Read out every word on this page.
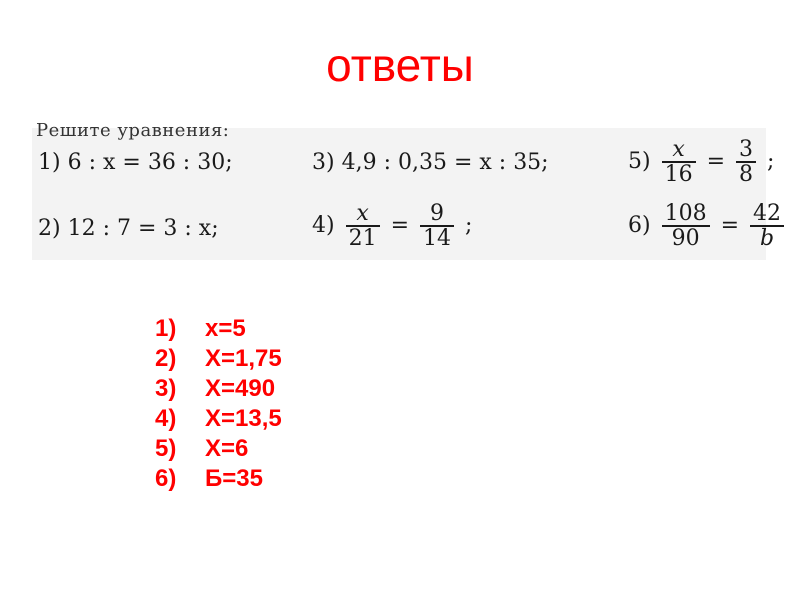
ответы
Решите уравнения:
1) 6 : x = 36 : 30;
2) 12 : 7 = 3 : x;
3) 4,9 : 0,35 = x : 35;
$4) \frac{x}{21} = \frac{9}{14}$ ;
$5) \frac{x}{16} = \frac{3}{8}$ ;
$6) \frac{108}{90} = \frac{42}{b}$
1) x=5
2) Х=1,75
3) Х=490
4) Х=13,5
5) Х=6
6) Б=35
